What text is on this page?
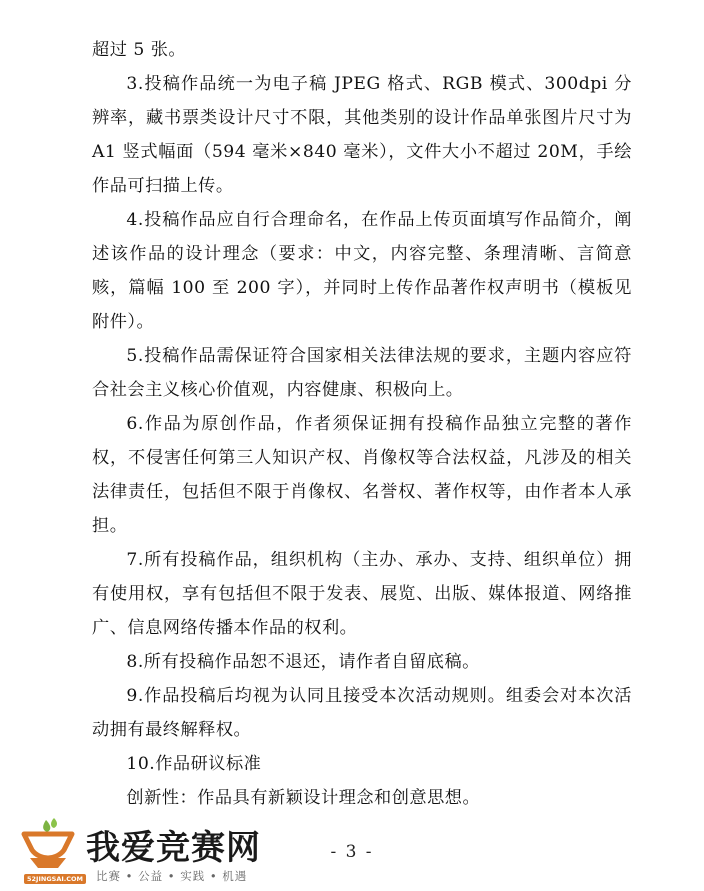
超过 5 张。

3.投稿作品统一为电子稿 JPEG 格式、RGB 模式、300dpi 分辨率，藏书票类设计尺寸不限，其他类别的设计作品单张图片尺寸为 A1 竖式幅面（594 毫米×840 毫米），文件大小不超过 20M，手绘作品可扫描上传。

4.投稿作品应自行合理命名，在作品上传页面填写作品简介，阐述该作品的设计理念（要求：中文，内容完整、条理清晰、言简意赅，篇幅 100 至 200 字），并同时上传作品著作权声明书（模板见附件）。

5.投稿作品需保证符合国家相关法律法规的要求，主题内容应符合社会主义核心价值观，内容健康、积极向上。

6.作品为原创作品，作者须保证拥有投稿作品独立完整的著作权，不侵害任何第三人知识产权、肖像权等合法权益，凡涉及的相关法律责任，包括但不限于肖像权、名誉权、著作权等，由作者本人承担。

7.所有投稿作品，组织机构（主办、承办、支持、组织单位）拥有使用权，享有包括但不限于发表、展览、出版、媒体报道、网络推广、信息网络传播本作品的权利。

8.所有投稿作品恕不退还，请作者自留底稿。

9.作品投稿后均视为认同且接受本次活动规则。组委会对本次活动拥有最终解释权。

10.作品研议标准

创新性：作品具有新颖设计理念和创意思想。

- 3 -
我爱竞赛网
52JINGSAI.COM 比赛 • 公益 • 实践 • 机遇
